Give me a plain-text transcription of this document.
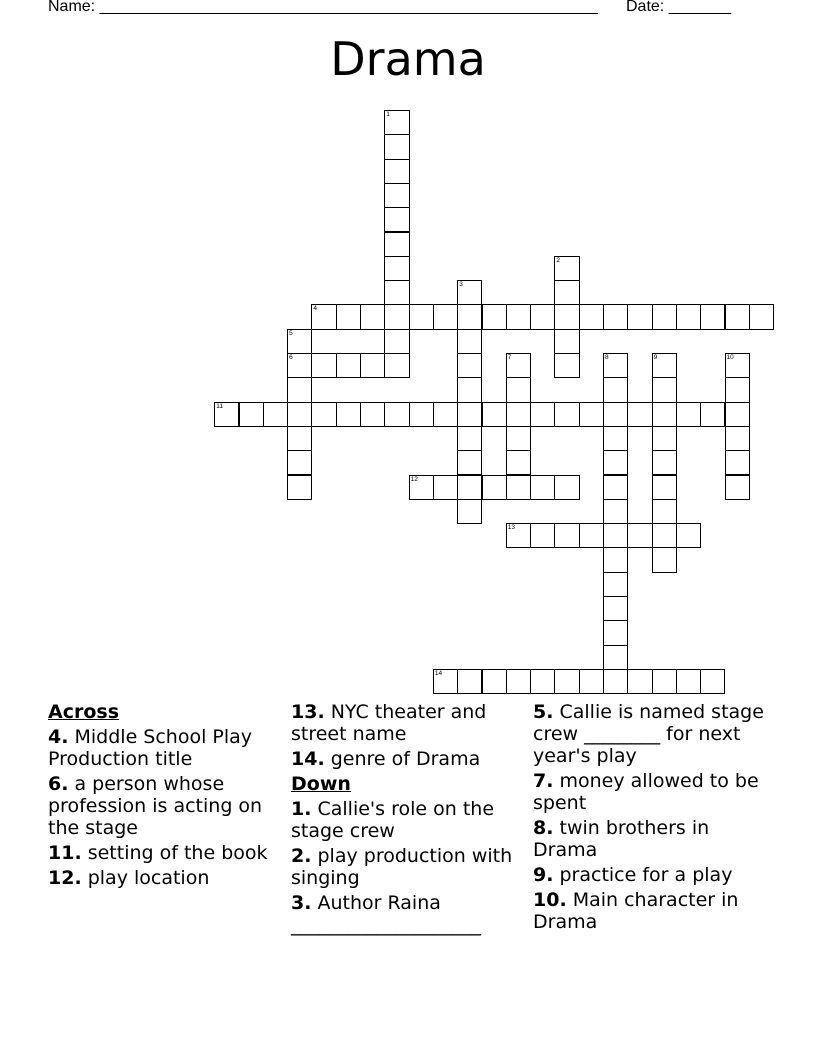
Name: ________________________________________________________ Date: _______
Drama
1
2
3
4
5
6	7	8	9	10
11
12
13
14
Across
4. Middle School Play Production title
6. a person whose profession is acting on the stage
11. setting of the book
12. play location
13. NYC theater and street name
14. genre of Drama
Down
1. Callie's role on the stage crew
2. play production with singing
3. Author Raina ____________________
5. Callie is named stage crew ________ for next year's play
7. money allowed to be spent
8. twin brothers in Drama
9. practice for a play
10. Main character in Drama
